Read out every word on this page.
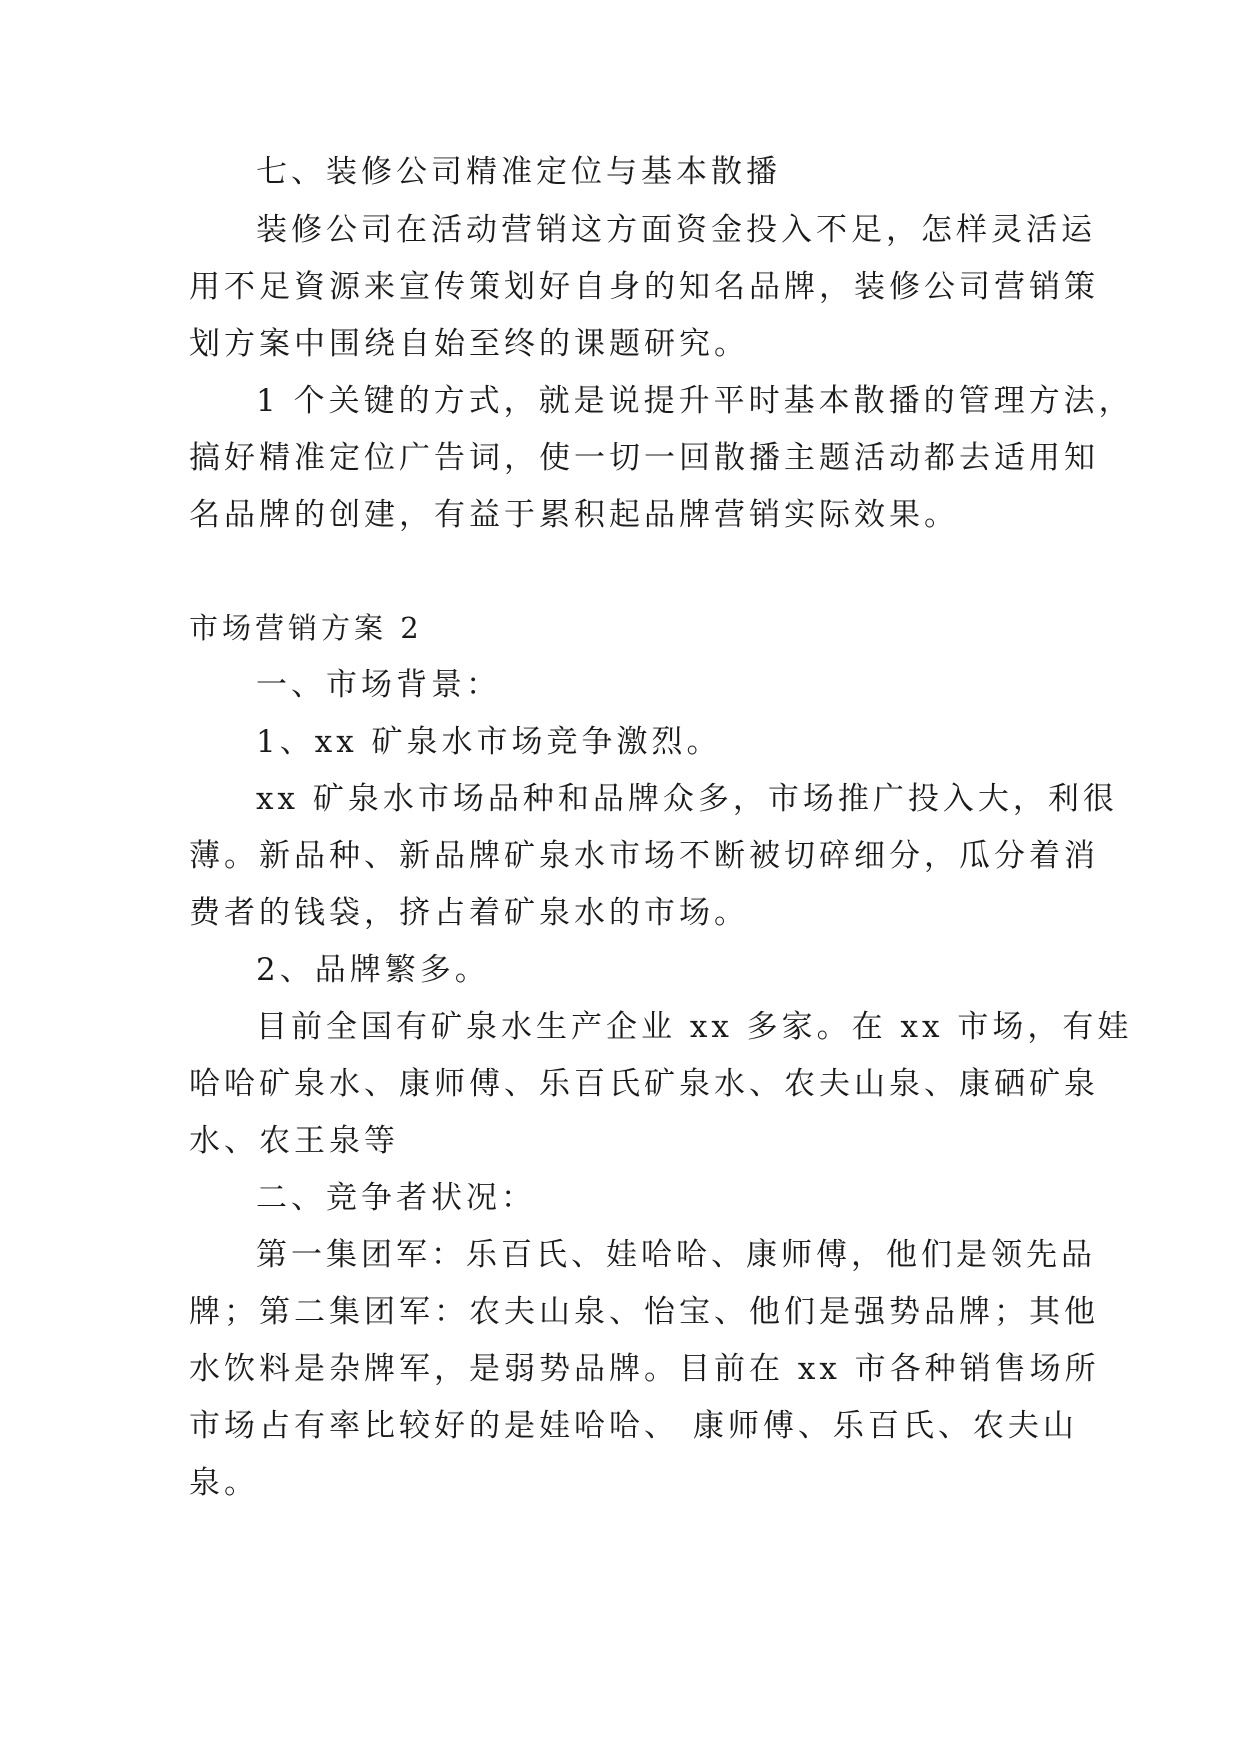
七、装修公司精准定位与基本散播
装修公司在活动营销这方面资金投入不足，怎样灵活运
用不足資源来宣传策划好自身的知名品牌，装修公司营销策
划方案中围绕自始至终的课题研究。
1 个关键的方式，就是说提升平时基本散播的管理方法，
搞好精准定位广告词，使一切一回散播主题活动都去适用知
名品牌的创建，有益于累积起品牌营销实际效果。
市场营销方案 2
一、市场背景：
1、xx 矿泉水市场竞争激烈。
xx 矿泉水市场品种和品牌众多，市场推广投入大，利很
薄。新品种、新品牌矿泉水市场不断被切碎细分，瓜分着消
费者的钱袋，挤占着矿泉水的市场。
2、品牌繁多。
目前全国有矿泉水生产企业 xx 多家。在 xx 市场，有娃
哈哈矿泉水、康师傅、乐百氏矿泉水、农夫山泉、康硒矿泉
水、农王泉等
二、竞争者状况：
第一集团军：乐百氏、娃哈哈、康师傅，他们是领先品
牌；第二集团军：农夫山泉、怡宝、他们是强势品牌；其他
水饮料是杂牌军，是弱势品牌。目前在 xx 市各种销售场所
市场占有率比较好的是娃哈哈、 康师傅、乐百氏、农夫山
泉。
